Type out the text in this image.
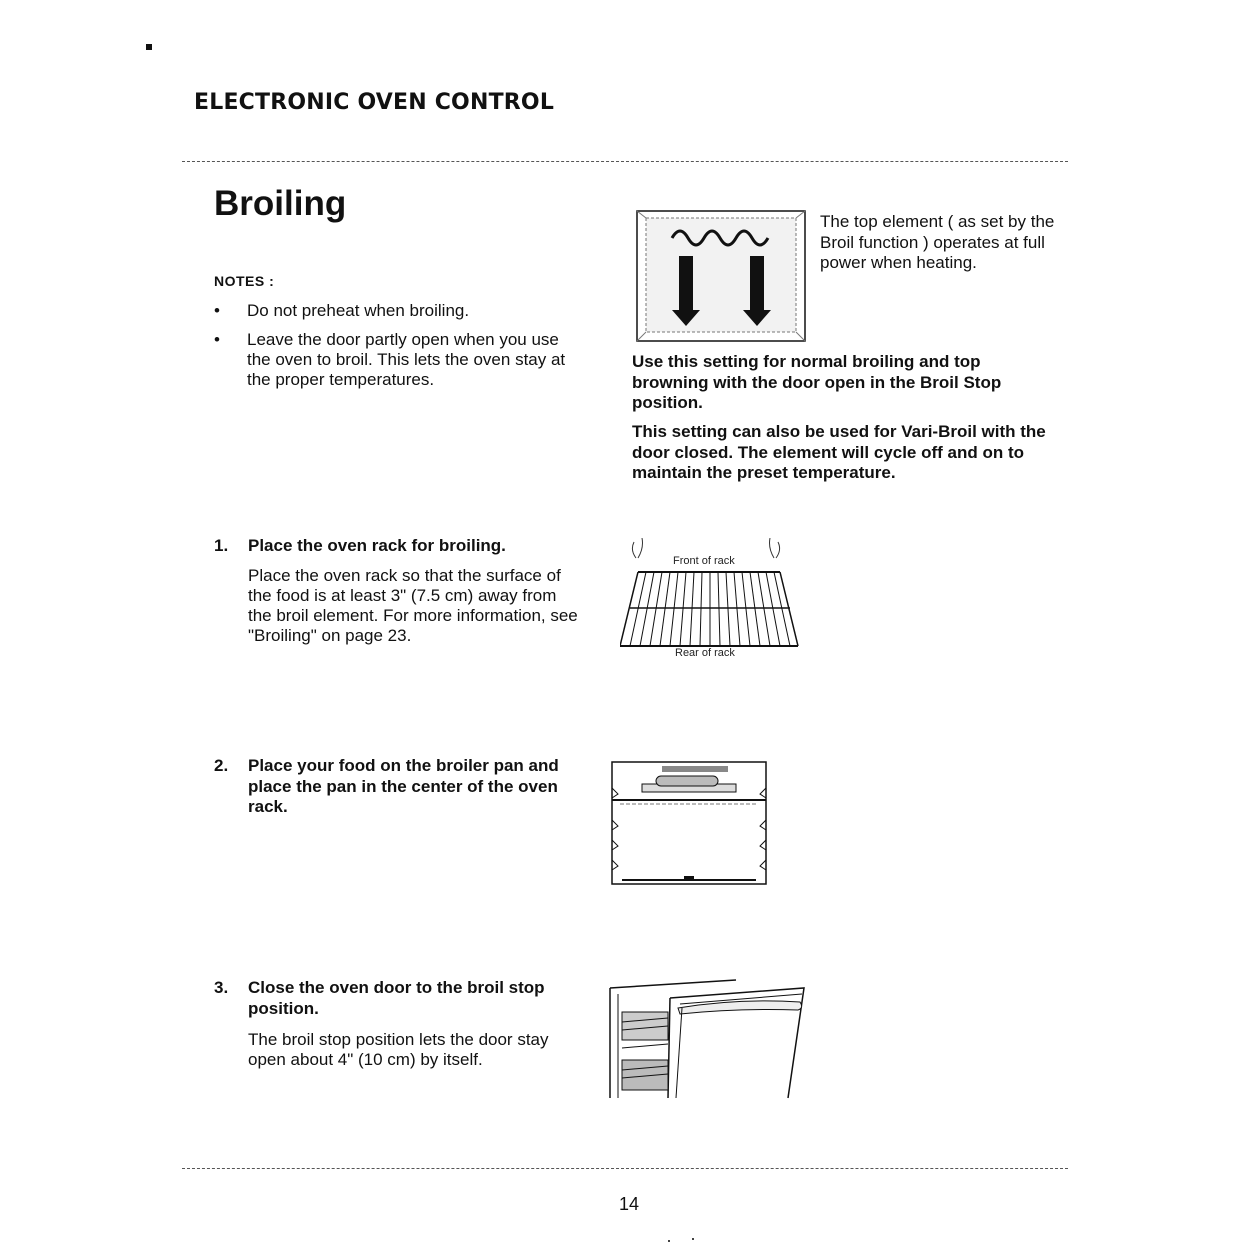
ELECTRONIC OVEN CONTROL
Broiling
NOTES :
• Do not preheat when broiling.
• Leave the door partly open when you use the oven to broil. This lets the oven stay at the proper temperatures.
The top element ( as set by the Broil function ) operates at full power when heating.
Use this setting for normal broiling and top browning with the door open in the Broil Stop position.
This setting can also be used for Vari-Broil with the door closed. The element will cycle off and on to maintain the preset temperature.
1. Place the oven rack for broiling.
Place the oven rack so that the surface of the food is at least 3" (7.5 cm) away from the broil element. For more information, see "Broiling" on page 23.
Front of rack
Rear of rack
2. Place your food on the broiler pan and place the pan in the center of the oven rack.
3. Close the oven door to the broil stop position.
The broil stop position lets the door stay open about 4" (10 cm) by itself.
14
